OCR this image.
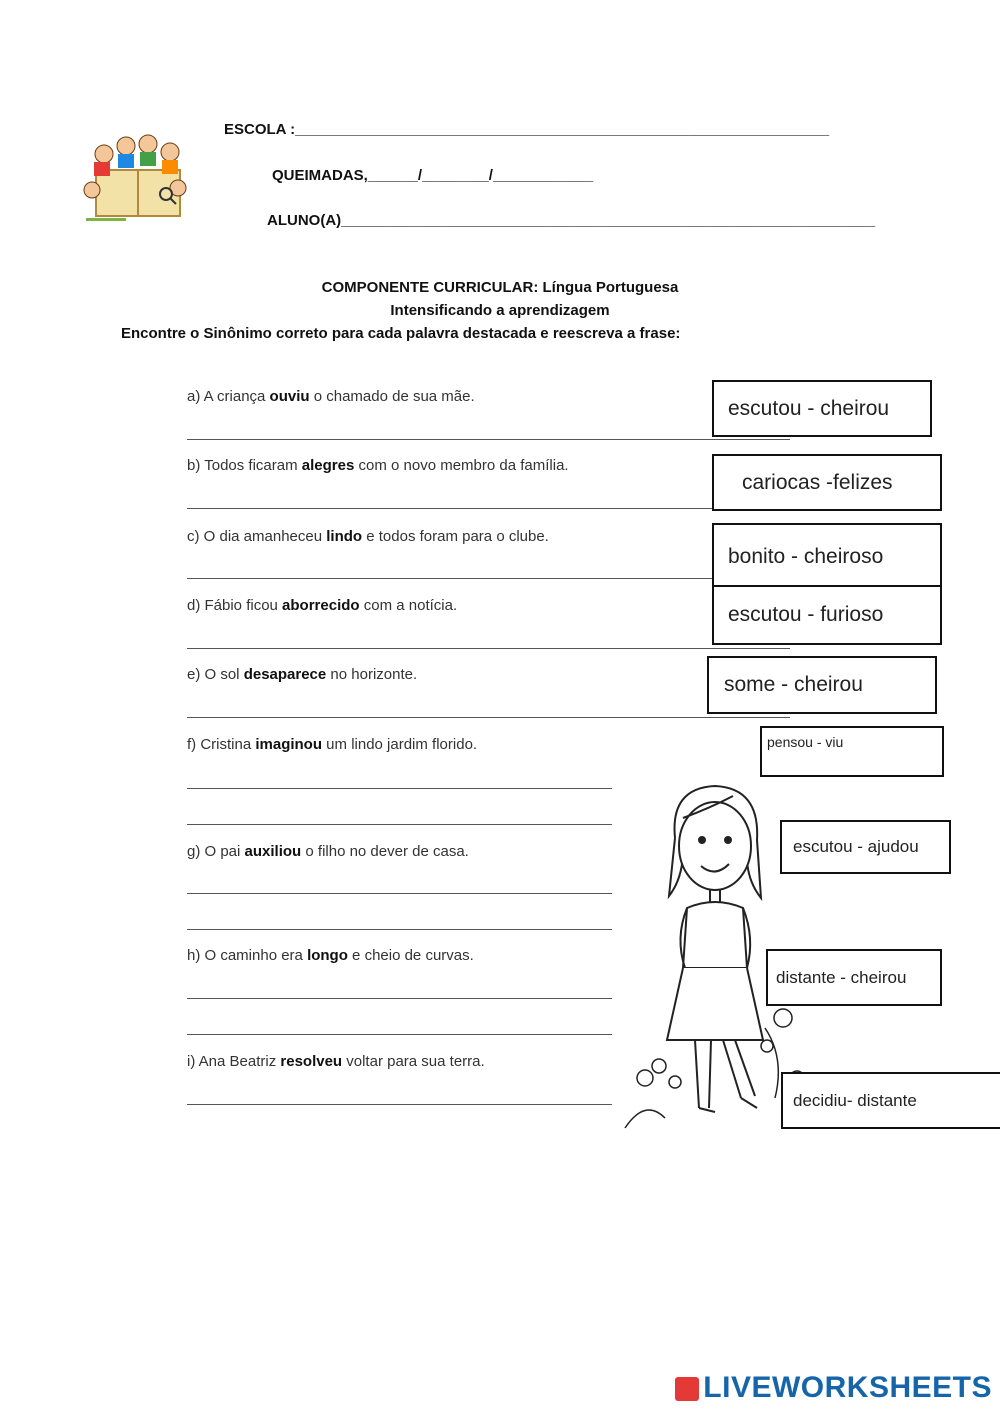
ESCOLA :________________________________________________________________
QUEIMADAS,______/________/____________
ALUNO(A)________________________________________________________________
COMPONENTE CURRICULAR: Língua Portuguesa
Intensificando a aprendizagem
Encontre o Sinônimo correto para cada palavra destacada e reescreva a frase:
a) A criança ouviu o chamado de sua mãe.
b) Todos ficaram alegres com o novo membro da família.
c) O dia amanheceu lindo e todos foram para o clube.
d) Fábio ficou aborrecido com a notícia.
e) O sol desaparece no horizonte.
f) Cristina imaginou um lindo jardim florido.
g) O pai auxiliou o filho no dever de casa.
h) O caminho era longo e cheio de curvas.
i) Ana Beatriz resolveu voltar para sua terra.
escutou - cheirou
cariocas -felizes
bonito - cheiroso
escutou - furioso
some - cheirou
pensou - viu
escutou - ajudou
distante - cheirou
decidiu- distante
LIVEWORKSHEETS
